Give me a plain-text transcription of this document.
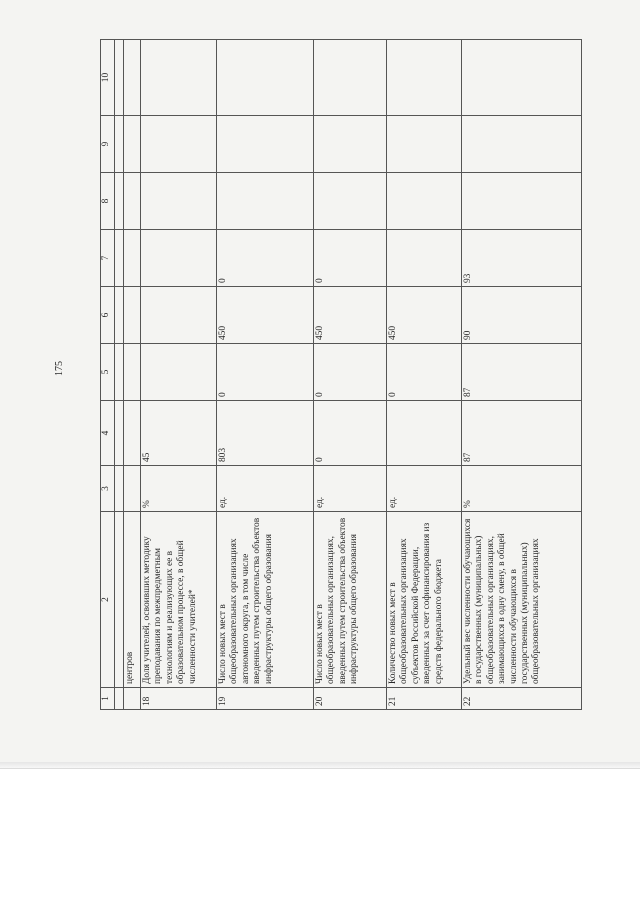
175
1	2	3	4	5	6	7	8	9	10

	центров								
18	Доля учителей, освоивших методику преподавания по межпредметным технологиям и реализующих ее в образовательном процессе, в общей численности учителей*	%	45						
19	Число новых мест в общеобразовательных организациях автономного округа, в том числе введенных путем строительства объектов инфраструктуры общего образования	ед.	803	0	450	0			
20	Число новых мест в общеобразовательных организациях, введенных путем строительства объектов инфраструктуры общего образования	ед.	0	0	450	0			
21	Количество новых мест в общеобразовательных организациях субъектов Российской Федерации, введенных за счет софинансирования из средств федерального бюджета	ед.		0	450				
22	Удельный вес численности обучающихся в государственных (муниципальных) общеобразовательных организациях, занимающихся в одну смену, в общей численности обучающихся в государственных (муниципальных) общеобразовательных организациях	%	87	87	90	93			
